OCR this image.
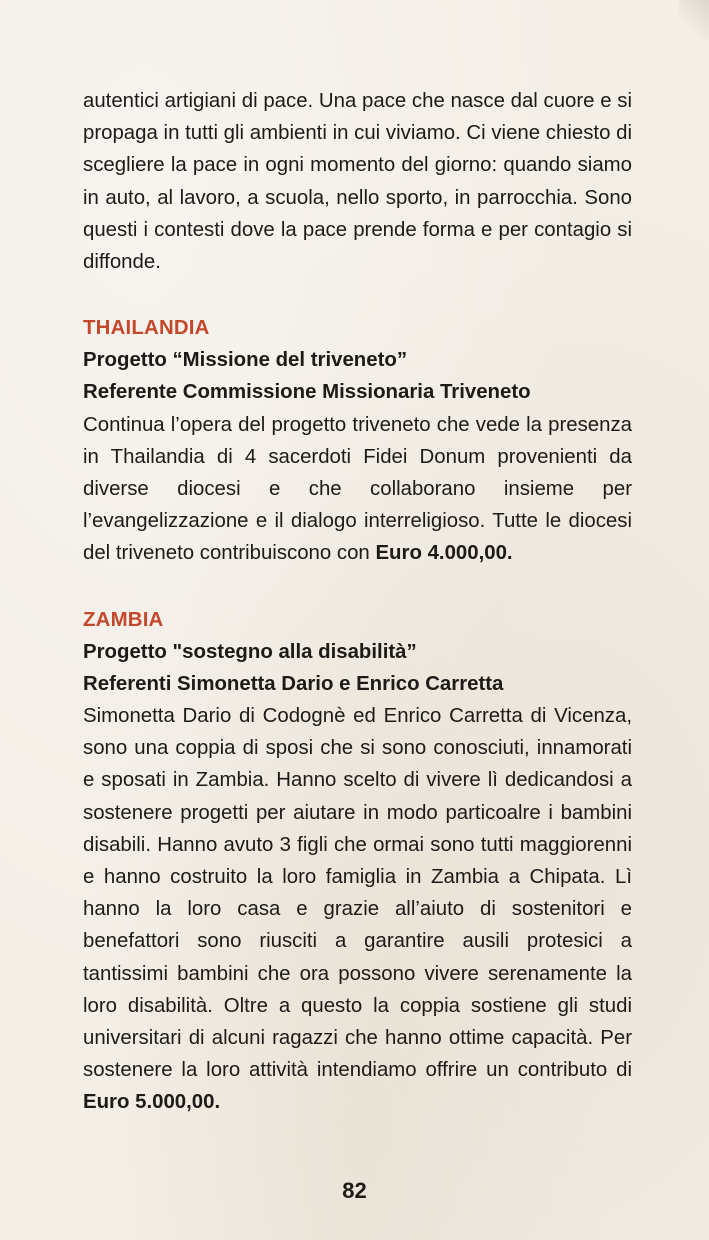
autentici artigiani di pace. Una pace che nasce dal cuore e si propaga in tutti gli ambienti in cui viviamo. Ci viene chiesto di scegliere la pace in ogni momento del giorno: quando siamo in auto, al lavoro, a scuola, nello sporto, in parrocchia. Sono questi i contesti dove la pace prende forma e per contagio si diffonde.

THAILANDIA

Progetto “Missione del triveneto”

Referente Commissione Missionaria Triveneto

Continua l’opera del progetto triveneto che vede la presenza in Thailandia di 4 sacerdoti Fidei Donum provenienti da diverse diocesi e che collaborano insieme per l’evangelizzazione e il dialogo interreligioso. Tutte le diocesi del triveneto contribuiscono con Euro 4.000,00.

ZAMBIA

Progetto "sostegno alla disabilità”

Referenti Simonetta Dario e Enrico Carretta

Simonetta Dario di Codognè ed Enrico Carretta di Vicenza, sono una coppia di sposi che si sono conosciuti, innamorati e sposati in Zambia. Hanno scelto di vivere lì dedicandosi a sostenere progetti per aiutare in modo particoalre i bambini disabili. Hanno avuto 3 figli che ormai sono tutti maggiorenni e hanno costruito la loro famiglia in Zambia a Chipata. Lì hanno la loro casa e grazie all’aiuto di sostenitori e benefattori sono riusciti a garantire ausili protesici a tantissimi bambini che ora possono vivere serenamente la loro disabilità. Oltre a questo la coppia sostiene gli studi universitari di alcuni ragazzi che hanno ottime capacità. Per sostenere la loro attività intendiamo offrire un contributo di Euro 5.000,00.

82
